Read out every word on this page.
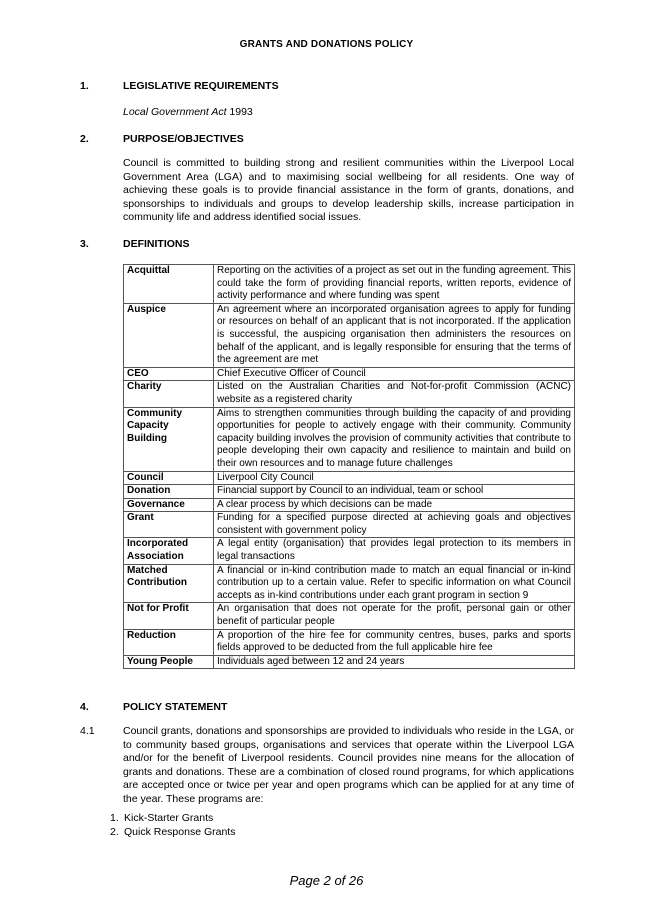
GRANTS AND DONATIONS POLICY
1.	LEGISLATIVE REQUIREMENTS
Local Government Act 1993
2.	PURPOSE/OBJECTIVES
Council is committed to building strong and resilient communities within the Liverpool Local Government Area (LGA) and to maximising social wellbeing for all residents. One way of achieving these goals is to provide financial assistance in the form of grants, donations, and sponsorships to individuals and groups to develop leadership skills, increase participation in community life and address identified social issues.
3.	DEFINITIONS
Acquittal	Reporting on the activities of a project as set out in the funding agreement. This could take the form of providing financial reports, written reports, evidence of activity performance and where funding was spent
Auspice	An agreement where an incorporated organisation agrees to apply for funding or resources on behalf of an applicant that is not incorporated. If the application is successful, the auspicing organisation then administers the resources on behalf of the applicant, and is legally responsible for ensuring that the terms of the agreement are met
CEO	Chief Executive Officer of Council
Charity	Listed on the Australian Charities and Not-for-profit Commission (ACNC) website as a registered charity
Community Capacity Building	Aims to strengthen communities through building the capacity of and providing opportunities for people to actively engage with their community. Community capacity building involves the provision of community activities that contribute to people developing their own capacity and resilience to maintain and build on their own resources and to manage future challenges
Council	Liverpool City Council
Donation	Financial support by Council to an individual, team or school
Governance	A clear process by which decisions can be made
Grant	Funding for a specified purpose directed at achieving goals and objectives consistent with government policy
Incorporated Association	A legal entity (organisation) that provides legal protection to its members in legal transactions
Matched Contribution	A financial or in-kind contribution made to match an equal financial or in-kind contribution up to a certain value. Refer to specific information on what Council accepts as in-kind contributions under each grant program in section 9
Not for Profit	An organisation that does not operate for the profit, personal gain or other benefit of particular people
Reduction	A proportion of the hire fee for community centres, buses, parks and sports fields approved to be deducted from the full applicable hire fee
Young People	Individuals aged between 12 and 24 years
4.	POLICY STATEMENT
4.1	Council grants, donations and sponsorships are provided to individuals who reside in the LGA, or to community based groups, organisations and services that operate within the Liverpool LGA and/or for the benefit of Liverpool residents. Council provides nine means for the allocation of grants and donations. These are a combination of closed round programs, for which applications are accepted once or twice per year and open programs which can be applied for at any time of the year. These programs are:
1. Kick-Starter Grants
2. Quick Response Grants
Page 2 of 26
